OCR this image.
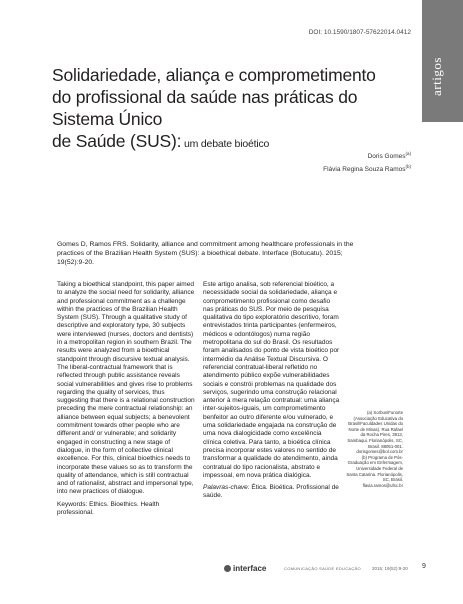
artigos
DOI: 10.1590/1807-57622014.0412
Solidariedade, aliança e comprometimento
do profissional da saúde nas práticas do Sistema Único
de Saúde (SUS): um debate bioético
Doris Gomes$^{(a)}$
Flávia Regina Souza Ramos$^{(b)}$
Gomes D, Ramos FRS. Solidarity, alliance and commitment among healthcare professionals in the practices of the Brazilian Health System (SUS): a bioethical debate. Interface (Botucatu). 2015; 19(52):9-20.

Taking a bioethical standpoint, this paper aimed to analyze the social need for solidarity, alliance and professional commitment as a challenge within the practices of the Brazilian Health System (SUS). Through a qualitative study of descriptive and exploratory type, 30 subjects were interviewed (nurses, doctors and dentists) in a metropolitan region in southern Brazil. The results were analyzed from a bioethical standpoint through discursive textual analysis. The liberal-contractual framework that is reflected through public assistance reveals social vulnerabilities and gives rise to problems regarding the quality of services, thus suggesting that there is a relational construction preceding the mere contractual relationship: an alliance between equal subjects; a benevolent commitment towards other people who are different and/ or vulnerable; and solidarity engaged in constructing a new stage of dialogue, in the form of collective clinical excellence. For this, clinical bioethics needs to incorporate these values so as to transform the quality of attendance, which is still contractual and of rationalist, abstract and impersonal type, into new practices of dialogue.

Keywords: Ethics. Bioethics. Health professional.

Este artigo analisa, sob referencial bioético, a necessidade social da solidariedade, aliança e comprometimento profissional como desafio nas práticas do SUS. Por meio de pesquisa qualitativa do tipo exploratório descritivo, foram entrevistados trinta participantes (enfermeiros, médicos e odontólogos) numa região metropolitana do sul do Brasil. Os resultados foram analisados do ponto de vista bioético por intermédio da Análise Textual Discursiva. O referencial contratual-liberal refletido no atendimento público expõe vulnerabilidades sociais e constrói problemas na qualidade dos serviços, sugerindo uma construção relacional anterior à mera relação contratual: uma aliança inter-sujeitos-iguais, um comprometimento benfeitor ao outro diferente e/ou vulnerado, e uma solidariedade engajada na construção de uma nova dialogicidade como excelência clínica coletiva. Para tanto, a bioética clínica precisa incorporar estes valores no sentido de transformar a qualidade do atendimento, ainda contratual do tipo racionalista, abstrato e impessoal, em nova prática dialógica.

Palavras-chave: Ética. Bioética. Profissional de saúde.

(a) Sorbus/Funorte (Associação Educativa do Brasil/Faculdades Unidas do Norte de Minas). Rua Rafael da Rocha Pires, 3913, Sambaqui. Florianópolis, SC, Brasil. 88051-001. dorisgomes@bol.com.br
(b) Programa de Pós-Graduação em Enfermagem, Universidade Federal de Santa Catarina. Florianópolis, SC, Brasil. flavia.ramos@ufsc.br
interface	COMUNICAÇÃO SAÚDE EDUCAÇÃO 2015; 19(52):9-20 9
